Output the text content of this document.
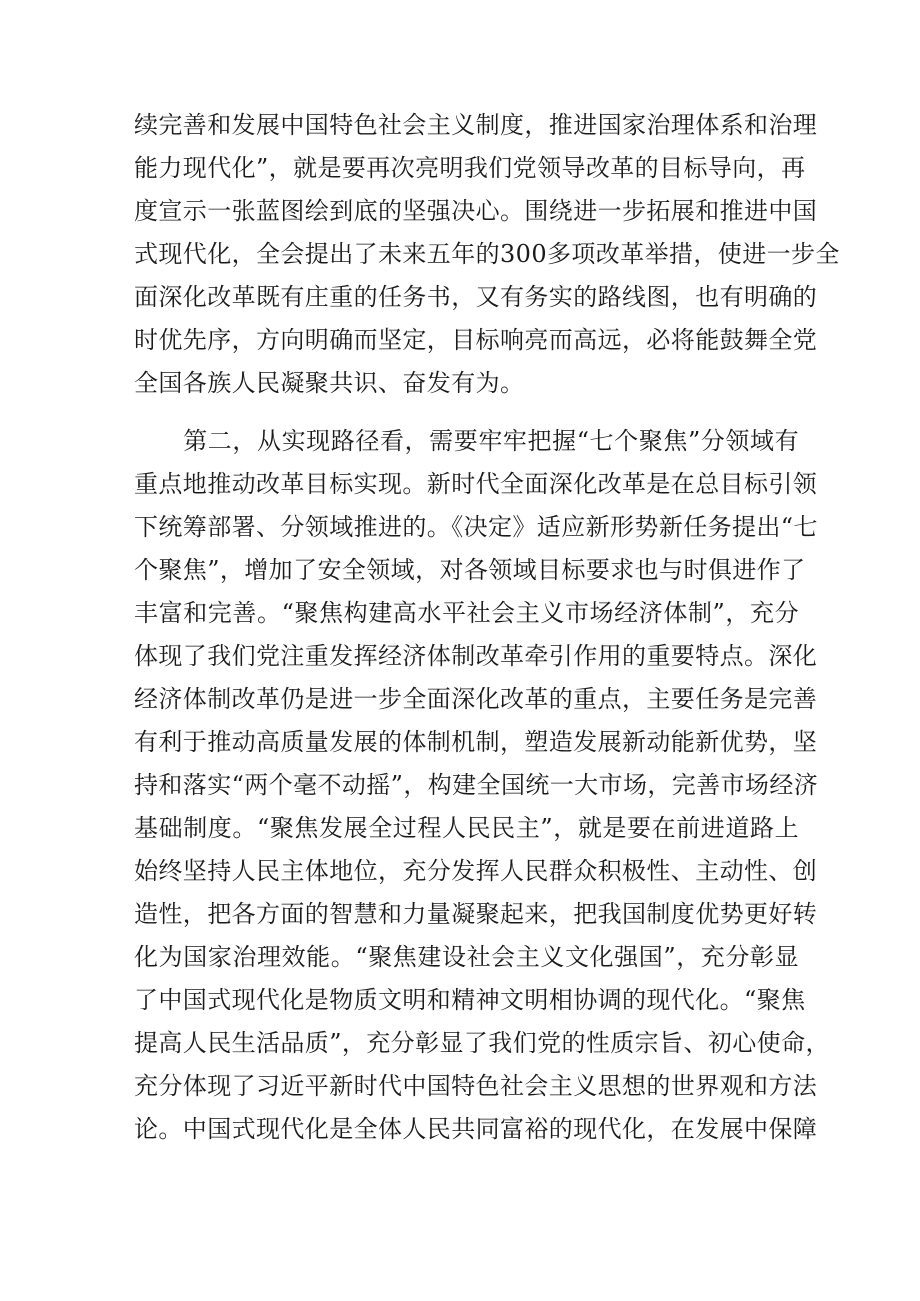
续完善和发展中国特色社会主义制度，推进国家治理体系和治理
能力现代化”，就是要再次亮明我们党领导改革的目标导向，再
度宣示一张蓝图绘到底的坚强决心。围绕进一步拓展和推进中国
式现代化，全会提出了未来五年的300多项改革举措，使进一步全
面深化改革既有庄重的任务书，又有务实的路线图，也有明确的
时优先序，方向明确而坚定，目标响亮而高远，必将能鼓舞全党
全国各族人民凝聚共识、奋发有为。
　　第二，从实现路径看，需要牢牢把握“七个聚焦”分领域有
重点地推动改革目标实现。新时代全面深化改革是在总目标引领
下统筹部署、分领域推进的。《决定》适应新形势新任务提出“七
个聚焦”，增加了安全领域，对各领域目标要求也与时俱进作了
丰富和完善。“聚焦构建高水平社会主义市场经济体制”，充分
体现了我们党注重发挥经济体制改革牵引作用的重要特点。深化
经济体制改革仍是进一步全面深化改革的重点，主要任务是完善
有利于推动高质量发展的体制机制，塑造发展新动能新优势，坚
持和落实“两个毫不动摇”，构建全国统一大市场，完善市场经济
基础制度。“聚焦发展全过程人民民主”，就是要在前进道路上
始终坚持人民主体地位，充分发挥人民群众积极性、主动性、创
造性，把各方面的智慧和力量凝聚起来，把我国制度优势更好转
化为国家治理效能。“聚焦建设社会主义文化强国”，充分彰显
了中国式现代化是物质文明和精神文明相协调的现代化。“聚焦
提高人民生活品质”，充分彰显了我们党的性质宗旨、初心使命，
充分体现了习近平新时代中国特色社会主义思想的世界观和方法
论。中国式现代化是全体人民共同富裕的现代化，在发展中保障
